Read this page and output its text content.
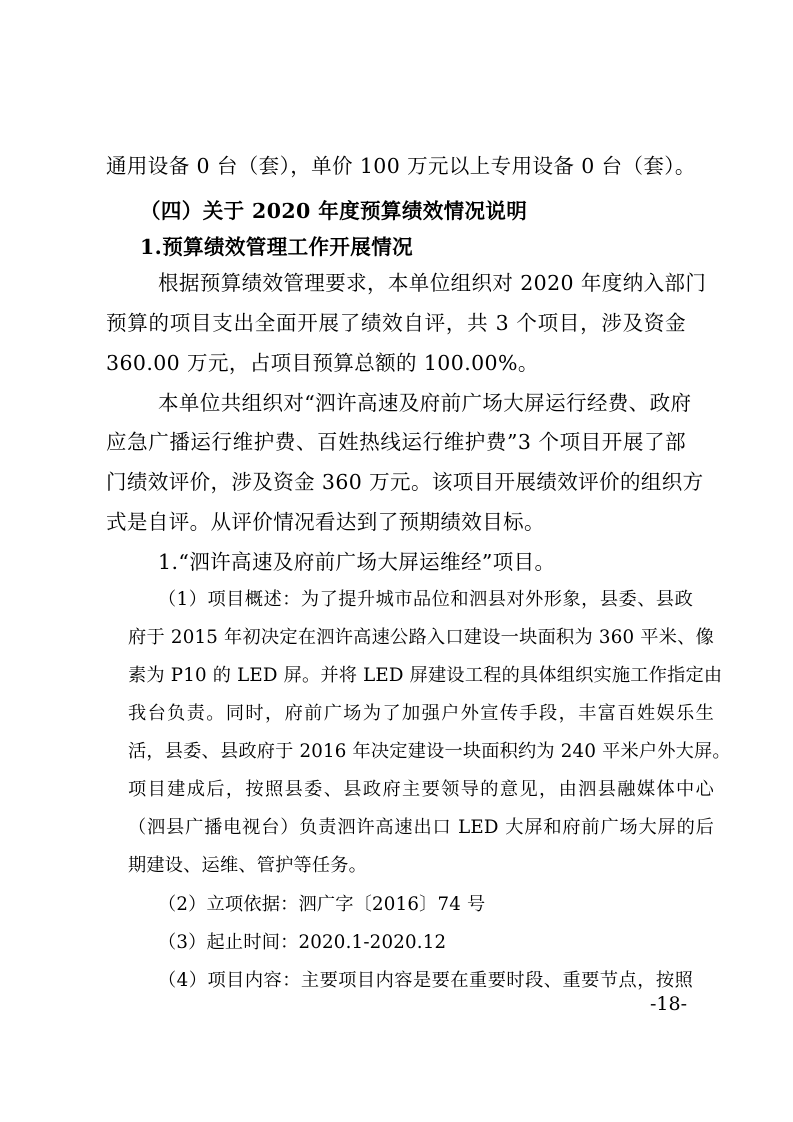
通用设备 0 台（套），单价 100 万元以上专用设备 0 台（套）。
（四）关于 2020 年度预算绩效情况说明
1.预算绩效管理工作开展情况
根据预算绩效管理要求，本单位组织对 2020 年度纳入部门
预算的项目支出全面开展了绩效自评，共 3 个项目，涉及资金
360.00 万元，占项目预算总额的 100.00%。
本单位共组织对“泗许高速及府前广场大屏运行经费、政府
应急广播运行维护费、百姓热线运行维护费”3 个项目开展了部
门绩效评价，涉及资金 360 万元。该项目开展绩效评价的组织方
式是自评。从评价情况看达到了预期绩效目标。
1.“泗许高速及府前广场大屏运维经”项目。
（1）项目概述：为了提升城市品位和泗县对外形象，县委、县政
府于 2015 年初决定在泗许高速公路入口建设一块面积为 360 平米、像
素为 P10 的 LED 屏。并将 LED 屏建设工程的具体组织实施工作指定由
我台负责。同时，府前广场为了加强户外宣传手段，丰富百姓娱乐生
活，县委、县政府于 2016 年决定建设一块面积约为 240 平米户外大屏。
项目建成后，按照县委、县政府主要领导的意见，由泗县融媒体中心
（泗县广播电视台）负责泗许高速出口 LED 大屏和府前广场大屏的后
期建设、运维、管护等任务。
（2）立项依据：泗广字〔2016〕74 号
（3）起止时间：2020.1-2020.12
（4）项目内容：主要项目内容是要在重要时段、重要节点，按照
-18-
